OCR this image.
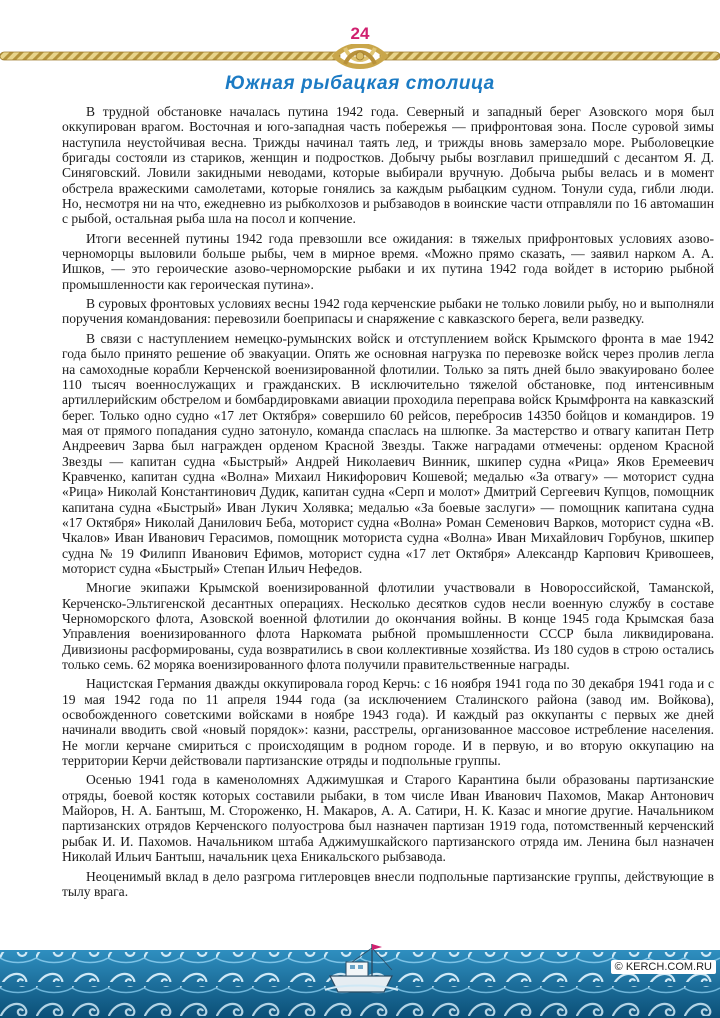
24
Южная рыбацкая столица

В трудной обстановке началась путина 1942 года. Северный и западный берег Азовского моря был оккупирован врагом. Восточная и юго-западная часть побережья — прифронтовая зона. После суровой зимы наступила неустойчивая весна. Трижды начинал таять лед, и трижды вновь замерзало море. Рыболовецкие бригады состояли из стариков, женщин и подростков. Добычу рыбы возглавил пришедший с десантом Я. Д. Синяговский. Ловили закидными неводами, которые выбирали вручную. Добыча рыбы велась и в момент обстрела вражескими самолетами, которые гонялись за каждым рыбацким судном. Тонули суда, гибли люди. Но, несмотря ни на что, ежедневно из рыбколхозов и рыбзаводов в воинские части отправляли по 16 автомашин с рыбой, остальная рыба шла на посол и копчение.

Итоги весенней путины 1942 года превзошли все ожидания: в тяжелых прифронтовых условиях азово-черноморцы выловили больше рыбы, чем в мирное время. «Можно прямо сказать, — заявил нарком А. А. Ишков, — это героические азово-черноморские рыбаки и их путина 1942 года войдет в историю рыбной промышленности как героическая путина».

В суровых фронтовых условиях весны 1942 года керченские рыбаки не только ловили рыбу, но и выполняли поручения командования: перевозили боеприпасы и снаряжение с кавказского берега, вели разведку.

В связи с наступлением немецко-румынских войск и отступлением войск Крымского фронта в мае 1942 года было принято решение об эвакуации. Опять же основная нагрузка по перевозке войск через пролив легла на самоходные корабли Керченской военизированной флотилии. Только за пять дней было эвакуировано более 110 тысяч военнослужащих и гражданских. В исключительно тяжелой обстановке, под интенсивным артиллерийским обстрелом и бомбардировками авиации проходила переправа войск Крымфронта на кавказский берег. Только одно судно «17 лет Октября» совершило 60 рейсов, перебросив 14350 бойцов и командиров. 19 мая от прямого попадания судно затонуло, команда спаслась на шлюпке. За мастерство и отвагу капитан Петр Андреевич Зарва был награжден орденом Красной Звезды. Также наградами отмечены: орденом Красной Звезды — капитан судна «Быстрый» Андрей Николаевич Винник, шкипер судна «Рица» Яков Еремеевич Кравченко, капитан судна «Волна» Михаил Никифорович Кошевой; медалью «За отвагу» — моторист судна «Рица» Николай Константинович Дудик, капитан судна «Серп и молот» Дмитрий Сергеевич Купцов, помощник капитана судна «Быстрый» Иван Лукич Холявка; медалью «За боевые заслуги» — помощник капитана судна «17 Октября» Николай Данилович Беба, моторист судна «Волна» Роман Семенович Варков, моторист судна «В. Чкалов» Иван Иванович Герасимов, помощник моториста судна «Волна» Иван Михайлович Горбунов, шкипер судна № 19 Филипп Иванович Ефимов, моторист судна «17 лет Октября» Александр Карпович Кривошеев, моторист судна «Быстрый» Степан Ильич Нефедов.

Многие экипажи Крымской военизированной флотилии участвовали в Новороссийской, Таманской, Керченско-Эльтигенской десантных операциях. Несколько десятков судов несли военную службу в составе Черноморского флота, Азовской военной флотилии до окончания войны. В конце 1945 года Крымская база Управления военизированного флота Наркомата рыбной промышленности СССР была ликвидирована. Дивизионы расформированы, суда возвратились в свои коллективные хозяйства. Из 180 судов в строю остались только семь. 62 моряка военизированного флота получили правительственные награды.

Нацистская Германия дважды оккупировала город Керчь: с 16 ноября 1941 года по 30 декабря 1941 года и с 19 мая 1942 года по 11 апреля 1944 года (за исключением Сталинского района (завод им. Войкова), освобожденного советскими войсками в ноябре 1943 года). И каждый раз оккупанты с первых же дней начинали вводить свой «новый порядок»: казни, расстрелы, организованное массовое истребление населения. Не могли керчане смириться с происходящим в родном городе. И в первую, и во вторую оккупацию на территории Керчи действовали партизанские отряды и подпольные группы.

Осенью 1941 года в каменоломнях Аджимушкая и Старого Карантина были образованы партизанские отряды, боевой костяк которых составили рыбаки, в том числе Иван Иванович Пахомов, Макар Антонович Майоров, Н. А. Бантыш, М. Стороженко, Н. Макаров, А. А. Сатири, Н. К. Казас и многие другие. Начальником партизанских отрядов Керченского полуострова был назначен партизан 1919 года, потомственный керченский рыбак И. И. Пахомов. Начальником штаба Аджимушкайского партизанского отряда им. Ленина был назначен Николай Ильич Бантыш, начальник цеха Еникальского рыбзавода.

Неоценимый вклад в дело разгрома гитлеровцев внесли подпольные партизанские группы, действующие в тылу врага.

© KERCH.COM.RU
